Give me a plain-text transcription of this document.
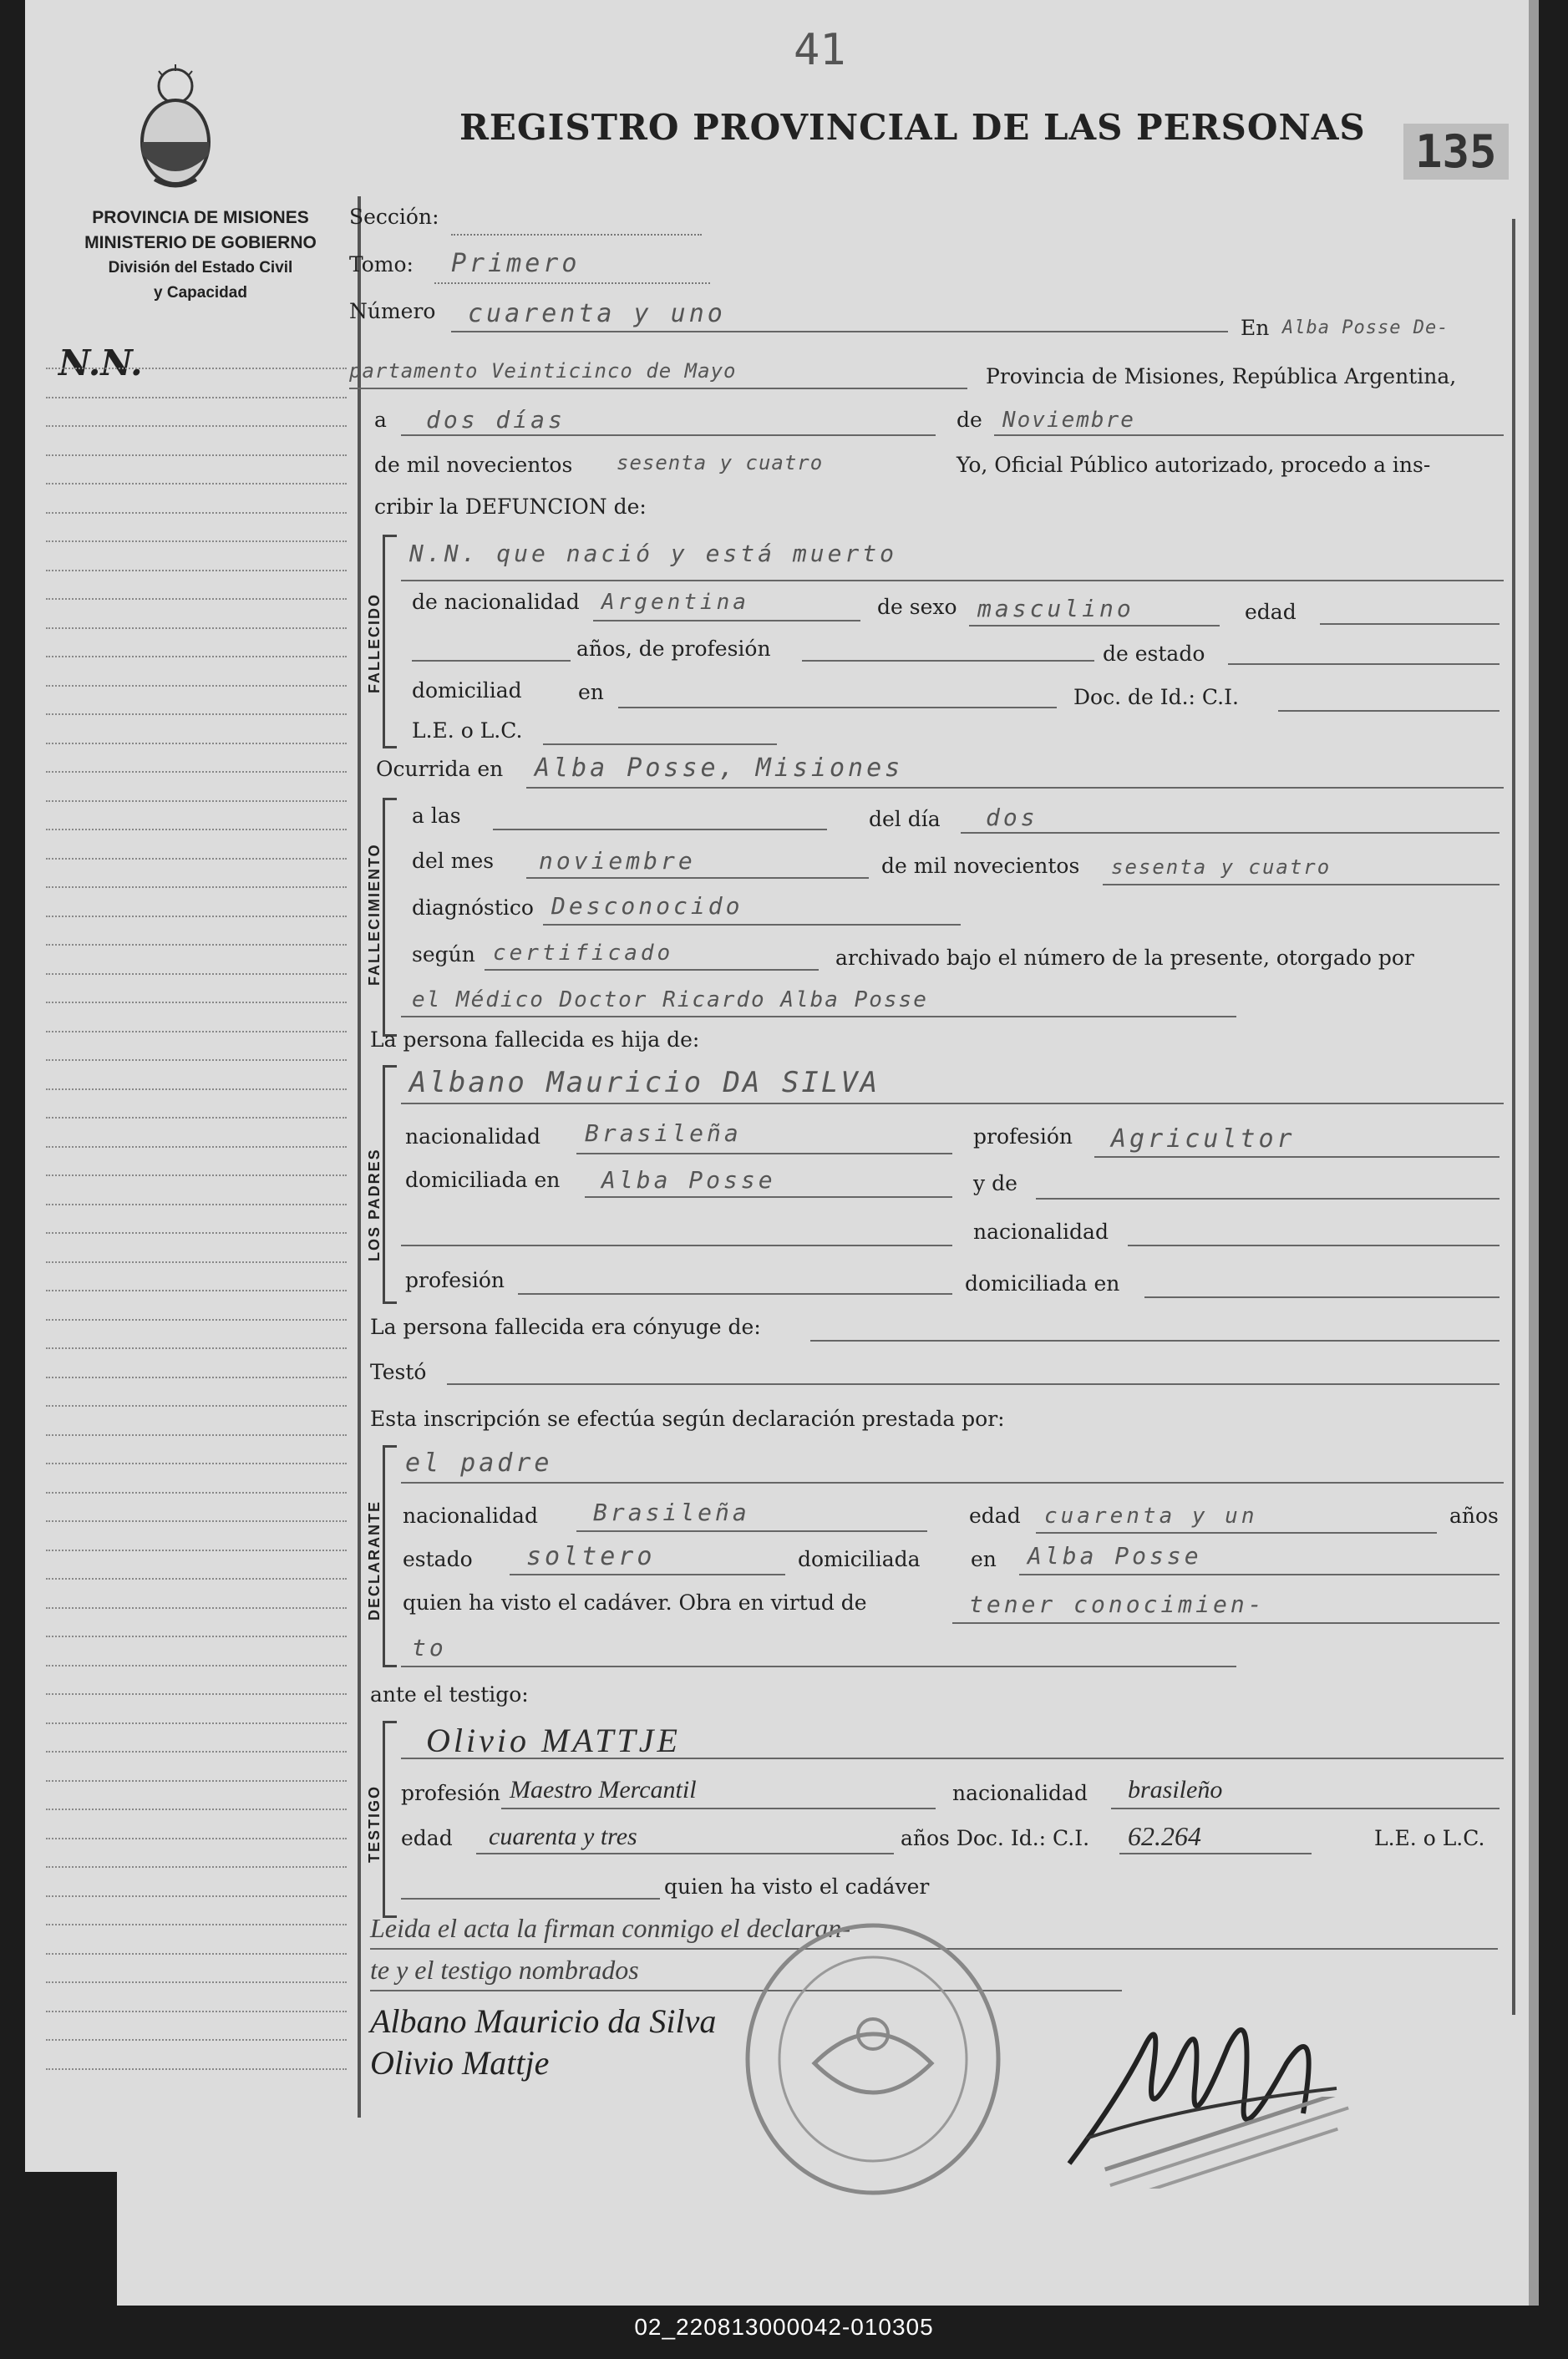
41
REGISTRO PROVINCIAL DE LAS PERSONAS 135
PROVINCIA DE MISIONES
MINISTERIO DE GOBIERNO
División del Estado Civil
y Capacidad
N.N.
Sección:
Tomo: Primero
Número cuarenta y uno	En Alba Posse De-
partamento Veinticinco de Mayo	Provincia de Misiones, República Argentina,
a dos días	de Noviembre
de mil novecientos sesenta y cuatro	Yo, Oficial Público autorizado, procedo a ins-
cribir la DEFUNCION de:
FALLECIDO
N.N. que nació y está muerto
de nacionalidad Argentina	de sexo masculino	edad
años, de profesión	de estado
domiciliad	en	Doc. de Id.: C.I.
L.E. o L.C.
Ocurrida en Alba Posse, Misiones
FALLECIMIENTO
a las	del día dos
del mes noviembre	de mil novecientos sesenta y cuatro
diagnóstico Desconocido
según certificado	archivado bajo el número de la presente, otorgado por
el Médico Doctor Ricardo Alba Posse
La persona fallecida es hija de:
LOS PADRES
Albano Mauricio DA SILVA
nacionalidad Brasileña	profesión Agricultor
domiciliada en Alba Posse	y de
nacionalidad
profesión	domiciliada en
La persona fallecida era cónyuge de:
Testó
Esta inscripción se efectúa según declaración prestada por:
DECLARANTE
el padre
nacionalidad Brasileña	edad cuarenta y un	años
estado soltero	domiciliada en Alba Posse
quien ha visto el cadáver. Obra en virtud de	tener conocimien-
to
ante el testigo:
TESTIGO
Olivio MATTJE
profesión Maestro Mercantil	nacionalidad brasileño
edad cuarenta y tres	años Doc. Id.: C.I. 62.264	L.E. o L.C.
quien ha visto el cadáver
Leida el acta la firman conmigo el declaran-
te y el testigo nombrados
Albano Mauricio da Silva
Olivio Mattje
02_220813000042-010305
